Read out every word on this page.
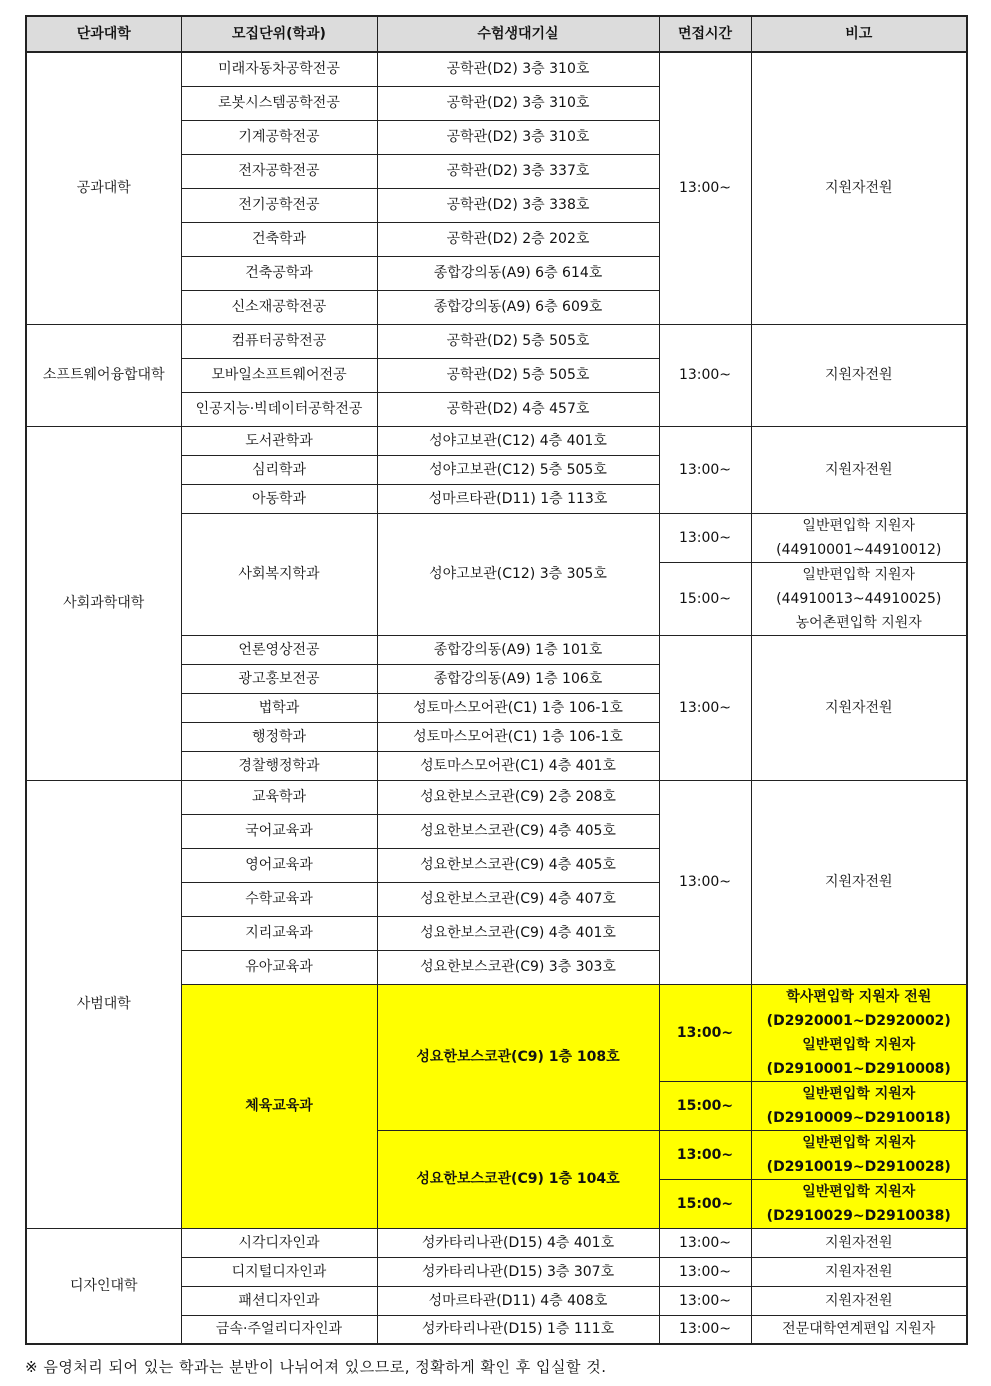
단과대학	모집단위(학과)	수험생대기실	면접시간	비고
공과대학	미래자동차공학전공	공학관(D2) 3층 310호	13:00~	지원자전원
	로봇시스템공학전공	공학관(D2) 3층 310호		
	기계공학전공	공학관(D2) 3층 310호		
	전자공학전공	공학관(D2) 3층 337호		
	전기공학전공	공학관(D2) 3층 338호		
	건축학과	공학관(D2) 2층 202호		
	건축공학과	종합강의동(A9) 6층 614호		
	신소재공학전공	종합강의동(A9) 6층 609호		
소프트웨어융합대학	컴퓨터공학전공	공학관(D2) 5층 505호	13:00~	지원자전원
	모바일소프트웨어전공	공학관(D2) 5층 505호		
	인공지능·빅데이터공학전공	공학관(D2) 4층 457호		
사회과학대학	도서관학과	성야고보관(C12) 4층 401호	13:00~	지원자전원
	심리학과	성야고보관(C12) 5층 505호		
	아동학과	성마르타관(D11) 1층 113호		
	사회복지학과	성야고보관(C12) 3층 305호	13:00~	일반편입학 지원자
				(44910001~44910012)
			15:00~	일반편입학 지원자
				(44910013~44910025)
				농어촌편입학 지원자
	언론영상전공	종합강의동(A9) 1층 101호	13:00~	지원자전원
	광고홍보전공	종합강의동(A9) 1층 106호		
	법학과	성토마스모어관(C1) 1층 106-1호		
	행정학과	성토마스모어관(C1) 1층 106-1호		
	경찰행정학과	성토마스모어관(C1) 4층 401호		
사범대학	교육학과	성요한보스코관(C9) 2층 208호	13:00~	지원자전원
	국어교육과	성요한보스코관(C9) 4층 405호		
	영어교육과	성요한보스코관(C9) 4층 405호		
	수학교육과	성요한보스코관(C9) 4층 407호		
	지리교육과	성요한보스코관(C9) 4층 401호		
	유아교육과	성요한보스코관(C9) 3층 303호		
	체육교육과	성요한보스코관(C9) 1층 108호	13:00~	학사편입학 지원자 전원
				(D2920001~D2920002)
				일반편입학 지원자
				(D2910001~D2910008)
			15:00~	일반편입학 지원자
				(D2910009~D2910018)
		성요한보스코관(C9) 1층 104호	13:00~	일반편입학 지원자
				(D2910019~D2910028)
			15:00~	일반편입학 지원자
				(D2910029~D2910038)
디자인대학	시각디자인과	성카타리나관(D15) 4층 401호	13:00~	지원자전원
	디지털디자인과	성카타리나관(D15) 3층 307호	13:00~	지원자전원
	패션디자인과	성마르타관(D11) 4층 408호	13:00~	지원자전원
	금속·주얼리디자인과	성카타리나관(D15) 1층 111호	13:00~	전문대학연계편입 지원자
※ 음영처리 되어 있는 학과는 분반이 나뉘어져 있으므로, 정확하게 확인 후 입실할 것.
